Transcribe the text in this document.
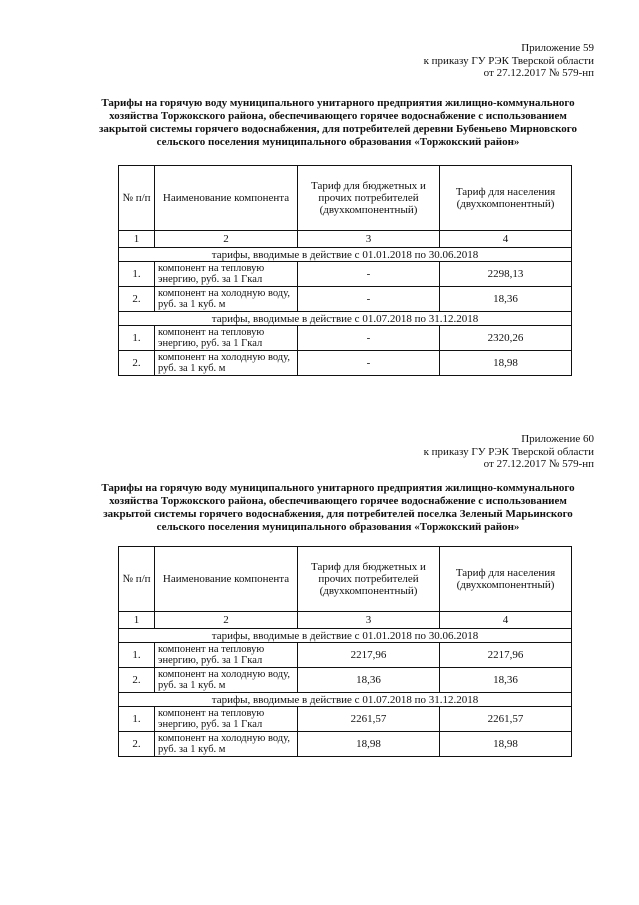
Приложение 59
к приказу ГУ РЭК Тверской области
от 27.12.2017 № 579-нп
Тарифы на горячую воду муниципального унитарного предприятия жилищно-коммунального хозяйства Торжокского района, обеспечивающего горячее водоснабжение с использованием закрытой системы горячего водоснабжения, для потребителей деревни Бубеньево Мирновского сельского поселения муниципального образования «Торжокский район»
№ п/п	Наименование компонента	Тариф для бюджетных и прочих потребителей (двухкомпонентный)	Тариф для населения (двухкомпонентный)
1	2	3	4
тарифы, вводимые в действие с 01.01.2018 по 30.06.2018			
1.	компонент на тепловую энергию, руб. за 1 Гкал	-	2298,13
2.	компонент на холодную воду, руб. за 1 куб. м	-	18,36
тарифы, вводимые в действие с 01.07.2018 по 31.12.2018			
1.	компонент на тепловую энергию, руб. за 1 Гкал	-	2320,26
2.	компонент на холодную воду, руб. за 1 куб. м	-	18,98
Приложение 60
к приказу ГУ РЭК Тверской области
от 27.12.2017 № 579-нп
Тарифы на горячую воду муниципального унитарного предприятия жилищно-коммунального хозяйства Торжокского района, обеспечивающего горячее водоснабжение с использованием закрытой системы горячего водоснабжения, для потребителей поселка Зеленый Марьинского сельского поселения муниципального образования «Торжокский район»
№ п/п	Наименование компонента	Тариф для бюджетных и прочих потребителей (двухкомпонентный)	Тариф для населения (двухкомпонентный)
1	2	3	4
тарифы, вводимые в действие с 01.01.2018 по 30.06.2018			
1.	компонент на тепловую энергию, руб. за 1 Гкал	2217,96	2217,96
2.	компонент на холодную воду, руб. за 1 куб. м	18,36	18,36
тарифы, вводимые в действие с 01.07.2018 по 31.12.2018			
1.	компонент на тепловую энергию, руб. за 1 Гкал	2261,57	2261,57
2.	компонент на холодную воду, руб. за 1 куб. м	18,98	18,98
